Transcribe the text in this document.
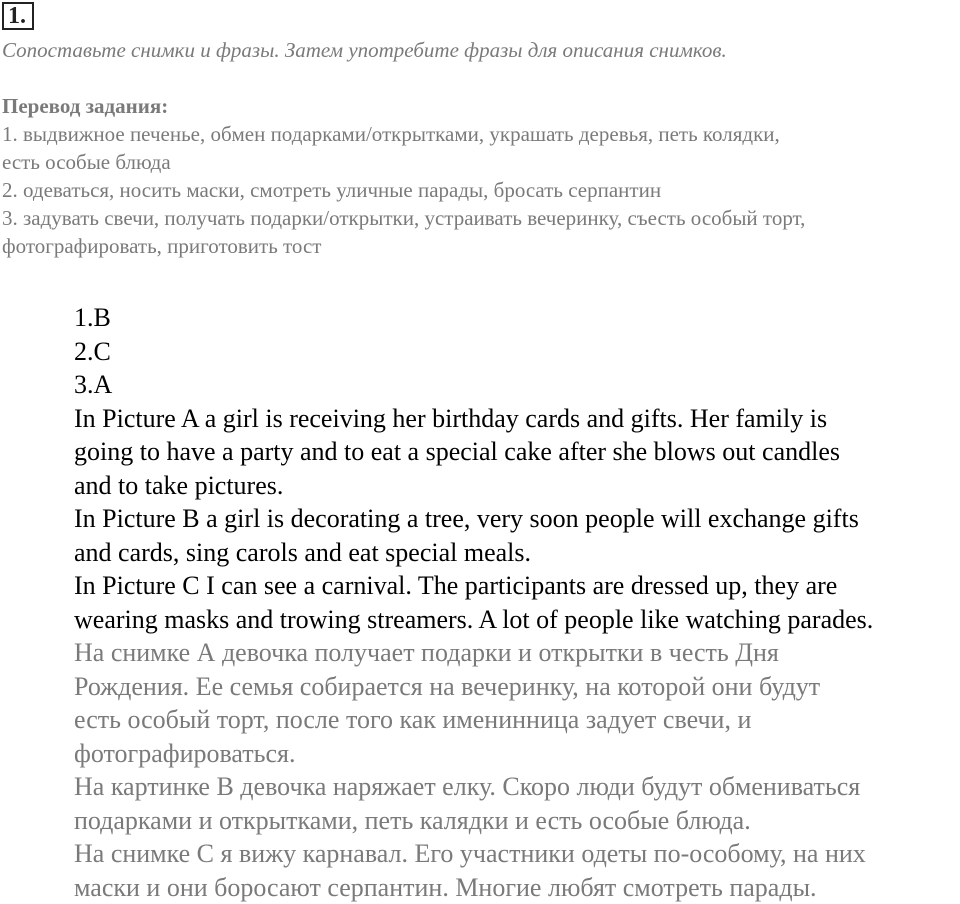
1.
Сопоставьте снимки и фразы. Затем употребите фразы для описания снимков.
Перевод задания:
1. выдвижное печенье, обмен подарками/открытками, украшать деревья, петь колядки,
есть особые блюда
2. одеваться, носить маски, смотреть уличные парады, бросать серпантин
3. задувать свечи, получать подарки/открытки, устраивать вечеринку, съесть особый торт,
фотографировать, приготовить тост
1.B
2.C
3.A
In Picture A a girl is receiving her birthday cards and gifts. Her family is
going to have a party and to eat a special cake after she blows out candles
and to take pictures.
In Picture B a girl is decorating a tree, very soon people will exchange gifts
and cards, sing carols and eat special meals.
In Picture C I can see a carnival. The participants are dressed up, they are
wearing masks and trowing streamers. A lot of people like watching parades.
На снимке А девочка получает подарки и открытки в честь Дня
Рождения. Ее семья собирается на вечеринку, на которой они будут
есть особый торт, после того как именинница задует свечи, и
фотографироваться.
На картинке В девочка наряжает елку. Скоро люди будут обмениваться
подарками и открытками, петь калядки и есть особые блюда.
На снимке С я вижу карнавал. Его участники одеты по-особому, на них
маски и они боросают серпантин. Многие любят смотреть парады.
